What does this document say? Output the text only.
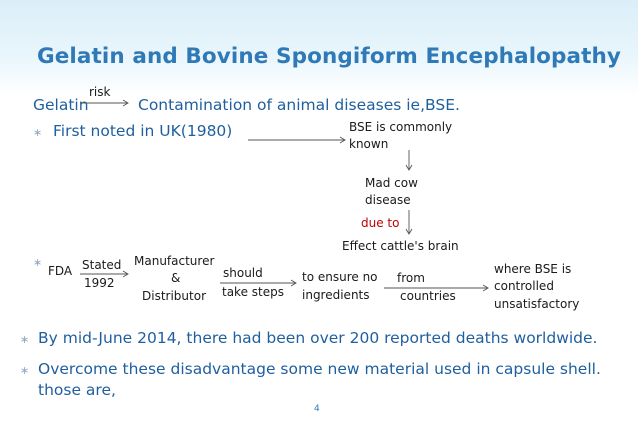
Gelatin and Bovine Spongiform Encephalopathy
Gelatin
risk
Contamination of animal diseases ie,BSE.
∗ First noted in UK(1980)	BSE is commonly
known
Mad cow
disease
due to
Effect cattle's brain
∗
FDA Stated
1992
Manufacturer
&
Distributor
should
take steps
to ensure no
ingredients
from
countries
where BSE is
controlled
unsatisfactory
∗ By mid-June 2014, there had been over 200 reported deaths worldwide.
∗ Overcome these disadvantage some new material used in capsule shell.
those are,
4
